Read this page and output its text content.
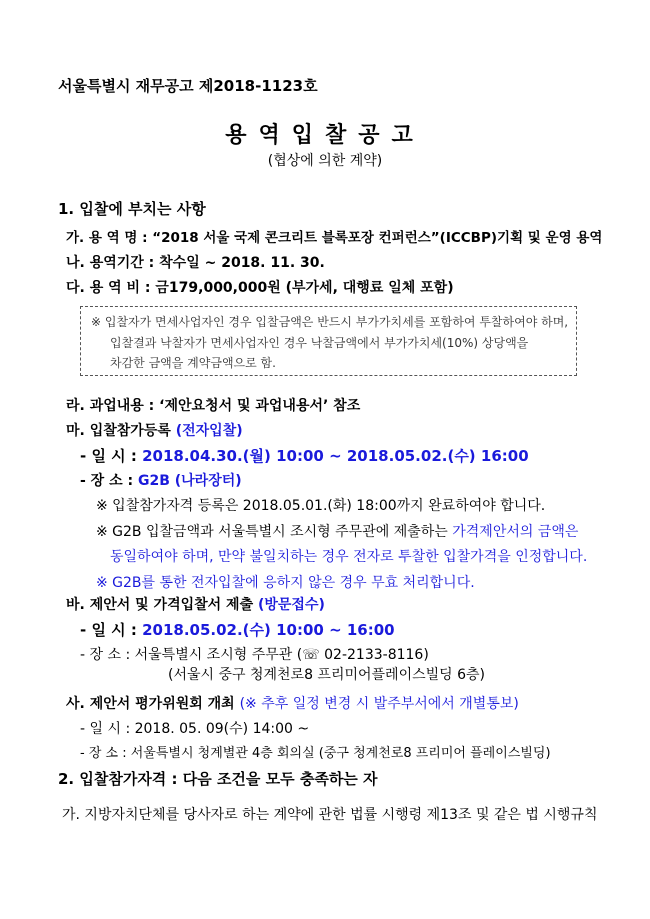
서울특별시 재무공고 제2018-1123호
용역입찰공고
(협상에 의한 계약)
1. 입찰에 부치는 사항
가. 용 역 명 : “2018 서울 국제 콘크리트 블록포장 컨퍼런스”(ICCBP)기획 및 운영 용역
나. 용역기간 : 착수일 ~ 2018. 11. 30.
다. 용 역 비 : 금179,000,000원 (부가세, 대행료 일체 포함)
※ 입찰자가 면세사업자인 경우 입찰금액은 반드시 부가가치세를 포함하여 투찰하여야 하며,
입찰결과 낙찰자가 면세사업자인 경우 낙찰금액에서 부가가치세(10%) 상당액을
차감한 금액을 계약금액으로 함.
라. 과업내용 : ‘제안요청서 및 과업내용서’ 참조
마. 입찰참가등록 (전자입찰)
- 일 시 : 2018.04.30.(월) 10:00 ~ 2018.05.02.(수) 16:00
- 장 소 : G2B (나라장터)
※ 입찰참가자격 등록은 2018.05.01.(화) 18:00까지 완료하여야 합니다.
※ G2B 입찰금액과 서울특별시 조시형 주무관에 제출하는 가격제안서의 금액은
동일하여야 하며, 만약 불일치하는 경우 전자로 투찰한 입찰가격을 인정합니다.
※ G2B를 통한 전자입찰에 응하지 않은 경우 무효 처리합니다.
바. 제안서 및 가격입찰서 제출 (방문접수)
- 일 시 : 2018.05.02.(수) 10:00 ~ 16:00
- 장 소 : 서울특별시 조시형 주무관 (☏ 02-2133-8116)
(서울시 중구 청계천로8 프리미어플레이스빌딩 6층)
사. 제안서 평가위원회 개최 (※ 추후 일정 변경 시 발주부서에서 개별통보)
- 일 시 : 2018. 05. 09(수) 14:00 ~
- 장 소 : 서울특별시 청계별관 4층 회의실 (중구 청계천로8 프리미어 플레이스빌딩)
2. 입찰참가자격 : 다음 조건을 모두 충족하는 자
가. 지방자치단체를 당사자로 하는 계약에 관한 법률 시행령 제13조 및 같은 법 시행규칙
